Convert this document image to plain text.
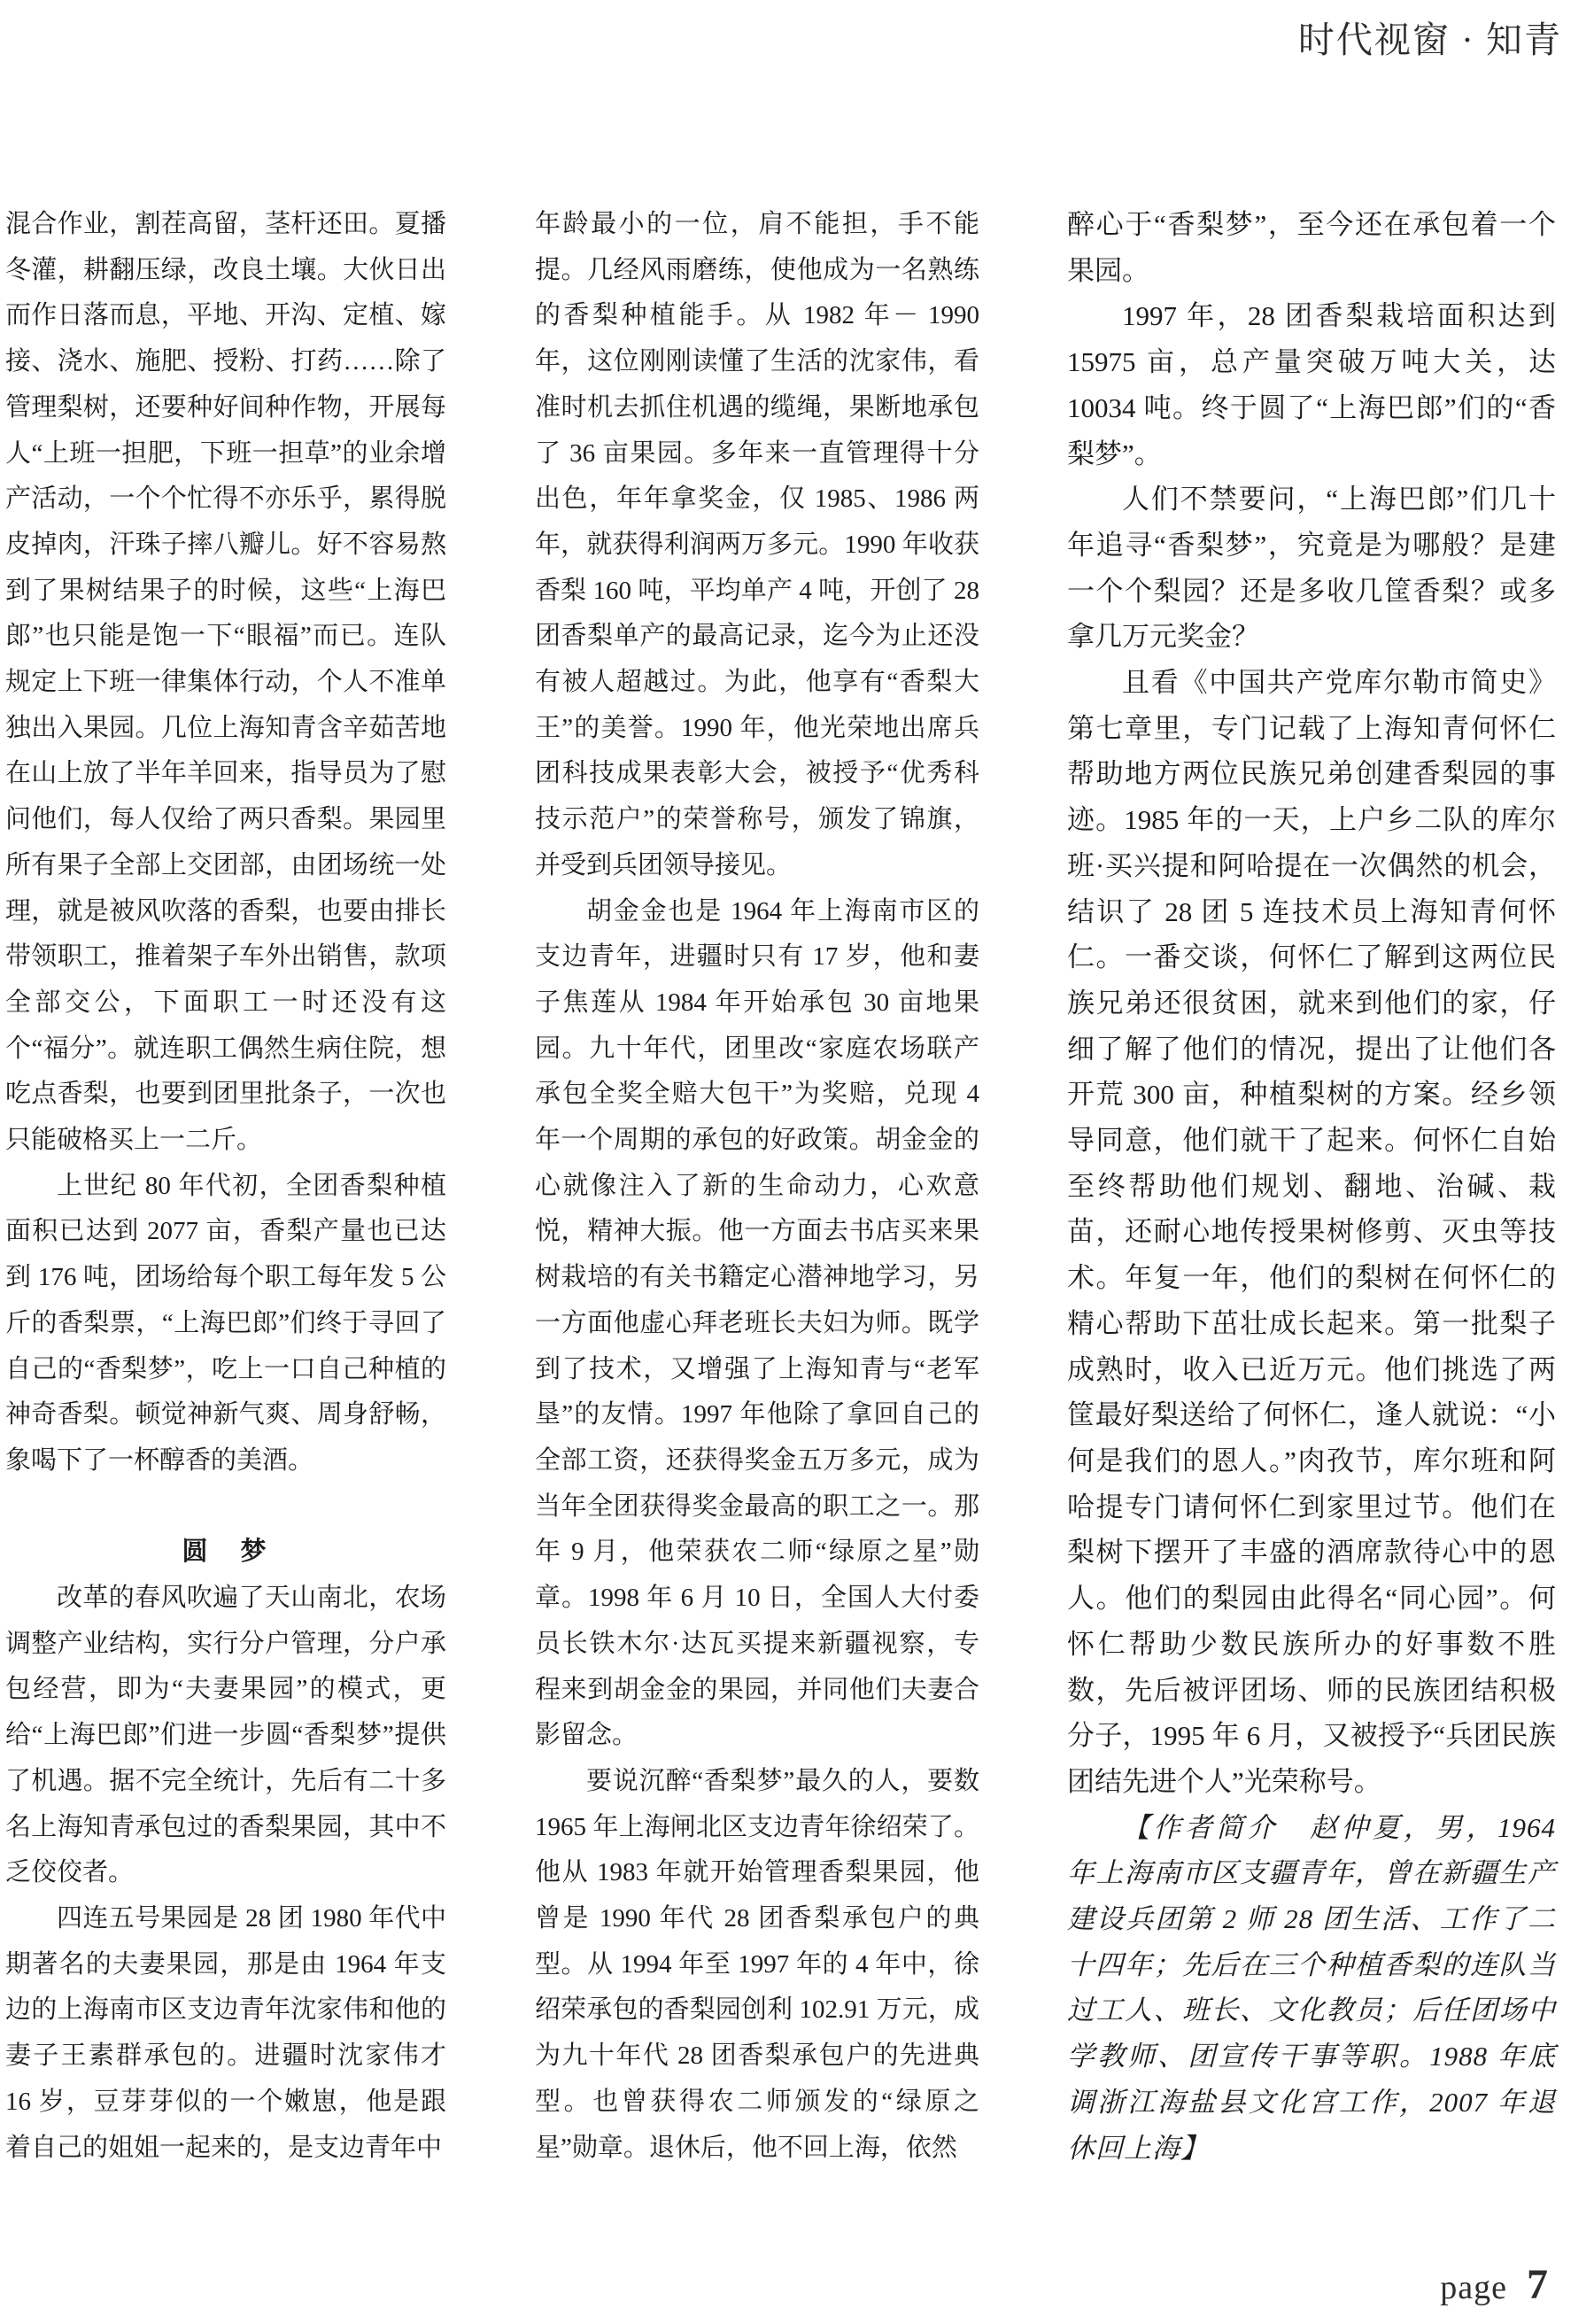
时代视窗 · 知青
混合作业，割茬高留，茎杆还田。夏播冬灌，耕翻压绿，改良土壤。大伙日出而作日落而息，平地、开沟、定植、嫁接、浇水、施肥、授粉、打药……除了管理梨树，还要种好间种作物，开展每人“上班一担肥，下班一担草”的业余增产活动，一个个忙得不亦乐乎，累得脱皮掉肉，汗珠子摔八瓣儿。好不容易熬到了果树结果子的时候，这些“上海巴郎”也只能是饱一下“眼福”而已。连队规定上下班一律集体行动，个人不准单独出入果园。几位上海知青含辛茹苦地在山上放了半年羊回来，指导员为了慰问他们，每人仅给了两只香梨。果园里所有果子全部上交团部，由团场统一处理，就是被风吹落的香梨，也要由排长带领职工，推着架子车外出销售，款项全部交公，下面职工一时还没有这个“福分”。就连职工偶然生病住院，想吃点香梨，也要到团里批条子，一次也只能破格买上一二斤。
上世纪 80 年代初，全团香梨种植面积已达到 2077 亩，香梨产量也已达到 176 吨，团场给每个职工每年发 5 公斤的香梨票，“上海巴郎”们终于寻回了自己的“香梨梦”，吃上一口自己种植的神奇香梨。顿觉神新气爽、周身舒畅，象喝下了一杯醇香的美酒。
圆　梦
改革的春风吹遍了天山南北，农场调整产业结构，实行分户管理，分户承包经营，即为“夫妻果园”的模式，更给“上海巴郎”们进一步圆“香梨梦”提供了机遇。据不完全统计，先后有二十多名上海知青承包过的香梨果园，其中不乏佼佼者。
四连五号果园是 28 团 1980 年代中期著名的夫妻果园，那是由 1964 年支边的上海南市区支边青年沈家伟和他的妻子王素群承包的。进疆时沈家伟才 16 岁，豆芽芽似的一个嫩崽，他是跟着自己的姐姐一起来的，是支边青年中
年龄最小的一位，肩不能担，手不能提。几经风雨磨练，使他成为一名熟练的香梨种植能手。从 1982 年－ 1990 年，这位刚刚读懂了生活的沈家伟，看准时机去抓住机遇的缆绳，果断地承包了 36 亩果园。多年来一直管理得十分出色，年年拿奖金，仅 1985、1986 两年，就获得利润两万多元。1990 年收获香梨 160 吨，平均单产 4 吨，开创了 28 团香梨单产的最高记录，迄今为止还没有被人超越过。为此，他享有“香梨大王”的美誉。1990 年，他光荣地出席兵团科技成果表彰大会，被授予“优秀科技示范户”的荣誉称号，颁发了锦旗，并受到兵团领导接见。
胡金金也是 1964 年上海南市区的支边青年，进疆时只有 17 岁，他和妻子焦莲从 1984 年开始承包 30 亩地果园。九十年代，团里改“家庭农场联产承包全奖全赔大包干”为奖赔，兑现 4 年一个周期的承包的好政策。胡金金的心就像注入了新的生命动力，心欢意悦，精神大振。他一方面去书店买来果树栽培的有关书籍定心潜神地学习，另一方面他虚心拜老班长夫妇为师。既学到了技术，又增强了上海知青与“老军垦”的友情。1997 年他除了拿回自己的全部工资，还获得奖金五万多元，成为当年全团获得奖金最高的职工之一。那年 9 月，他荣获农二师“绿原之星”勋章。1998 年 6 月 10 日，全国人大付委员长铁木尔·达瓦买提来新疆视察，专程来到胡金金的果园，并同他们夫妻合影留念。
要说沉醉“香梨梦”最久的人，要数 1965 年上海闸北区支边青年徐绍荣了。他从 1983 年就开始管理香梨果园，他曾是 1990 年代 28 团香梨承包户的典型。从 1994 年至 1997 年的 4 年中，徐绍荣承包的香梨园创利 102.91 万元，成为九十年代 28 团香梨承包户的先进典型。也曾获得农二师颁发的“绿原之星”勋章。退休后，他不回上海，依然
醉心于“香梨梦”，至今还在承包着一个果园。
1997 年，28 团香梨栽培面积达到 15975 亩，总产量突破万吨大关，达 10034 吨。终于圆了“上海巴郎”们的“香梨梦”。
人们不禁要问，“上海巴郎”们几十年追寻“香梨梦”，究竟是为哪般？是建一个个梨园？还是多收几筐香梨？或多拿几万元奖金？
且看《中国共产党库尔勒市简史》第七章里，专门记载了上海知青何怀仁帮助地方两位民族兄弟创建香梨园的事迹。1985 年的一天，上户乡二队的库尔班·买兴提和阿哈提在一次偶然的机会，结识了 28 团 5 连技术员上海知青何怀仁。一番交谈，何怀仁了解到这两位民族兄弟还很贫困，就来到他们的家，仔细了解了他们的情况，提出了让他们各开荒 300 亩，种植梨树的方案。经乡领导同意，他们就干了起来。何怀仁自始至终帮助他们规划、翻地、治碱、栽苗，还耐心地传授果树修剪、灭虫等技术。年复一年，他们的梨树在何怀仁的精心帮助下茁壮成长起来。第一批梨子成熟时，收入已近万元。他们挑选了两筐最好梨送给了何怀仁，逢人就说：“小何是我们的恩人。”肉孜节，库尔班和阿哈提专门请何怀仁到家里过节。他们在梨树下摆开了丰盛的酒席款待心中的恩人。他们的梨园由此得名“同心园”。何怀仁帮助少数民族所办的好事数不胜数，先后被评团场、师的民族团结积极分子，1995 年 6 月，又被授予“兵团民族团结先进个人”光荣称号。
【作者简介　赵仲夏，男，1964 年上海南市区支疆青年，曾在新疆生产建设兵团第 2 师 28 团生活、工作了二十四年；先后在三个种植香梨的连队当过工人、班长、文化教员；后任团场中学教师、团宣传干事等职。1988 年底调浙江海盐县文化宫工作，2007 年退休回上海】
page 7
